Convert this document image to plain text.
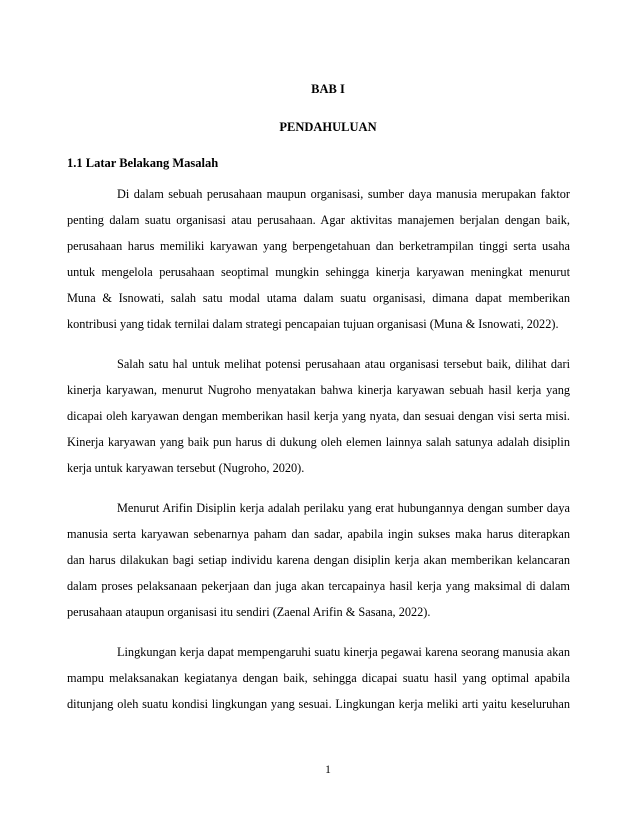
BAB I
PENDAHULUAN
1.1 Latar Belakang Masalah
Di dalam sebuah perusahaan maupun organisasi, sumber daya manusia merupakan faktor
penting dalam suatu organisasi atau perusahaan. Agar aktivitas manajemen berjalan dengan baik,
perusahaan harus memiliki karyawan yang berpengetahuan dan berketrampilan tinggi serta usaha
untuk mengelola perusahaan seoptimal mungkin sehingga kinerja karyawan meningkat menurut
Muna & Isnowati, salah satu modal utama dalam suatu organisasi, dimana dapat memberikan
kontribusi yang tidak ternilai dalam strategi pencapaian tujuan organisasi (Muna & Isnowati, 2022).
Salah satu hal untuk melihat potensi perusahaan atau organisasi tersebut baik, dilihat dari
kinerja karyawan, menurut Nugroho menyatakan bahwa kinerja karyawan sebuah hasil kerja yang
dicapai oleh karyawan dengan memberikan hasil kerja yang nyata, dan sesuai dengan visi serta misi.
Kinerja karyawan yang baik pun harus di dukung oleh elemen lainnya salah satunya adalah disiplin
kerja untuk karyawan tersebut (Nugroho, 2020).
Menurut Arifin Disiplin kerja adalah perilaku yang erat hubungannya dengan sumber daya
manusia serta karyawan sebenarnya paham dan sadar, apabila ingin sukses maka harus diterapkan
dan harus dilakukan bagi setiap individu karena dengan disiplin kerja akan memberikan kelancaran
dalam proses pelaksanaan pekerjaan dan juga akan tercapainya hasil kerja yang maksimal di dalam
perusahaan ataupun organisasi itu sendiri (Zaenal Arifin & Sasana, 2022).
Lingkungan kerja dapat mempengaruhi suatu kinerja pegawai karena seorang manusia akan
mampu melaksanakan kegiatanya dengan baik, sehingga dicapai suatu hasil yang optimal apabila
ditunjang oleh suatu kondisi lingkungan yang sesuai. Lingkungan kerja meliki arti yaitu keseluruhan
1
